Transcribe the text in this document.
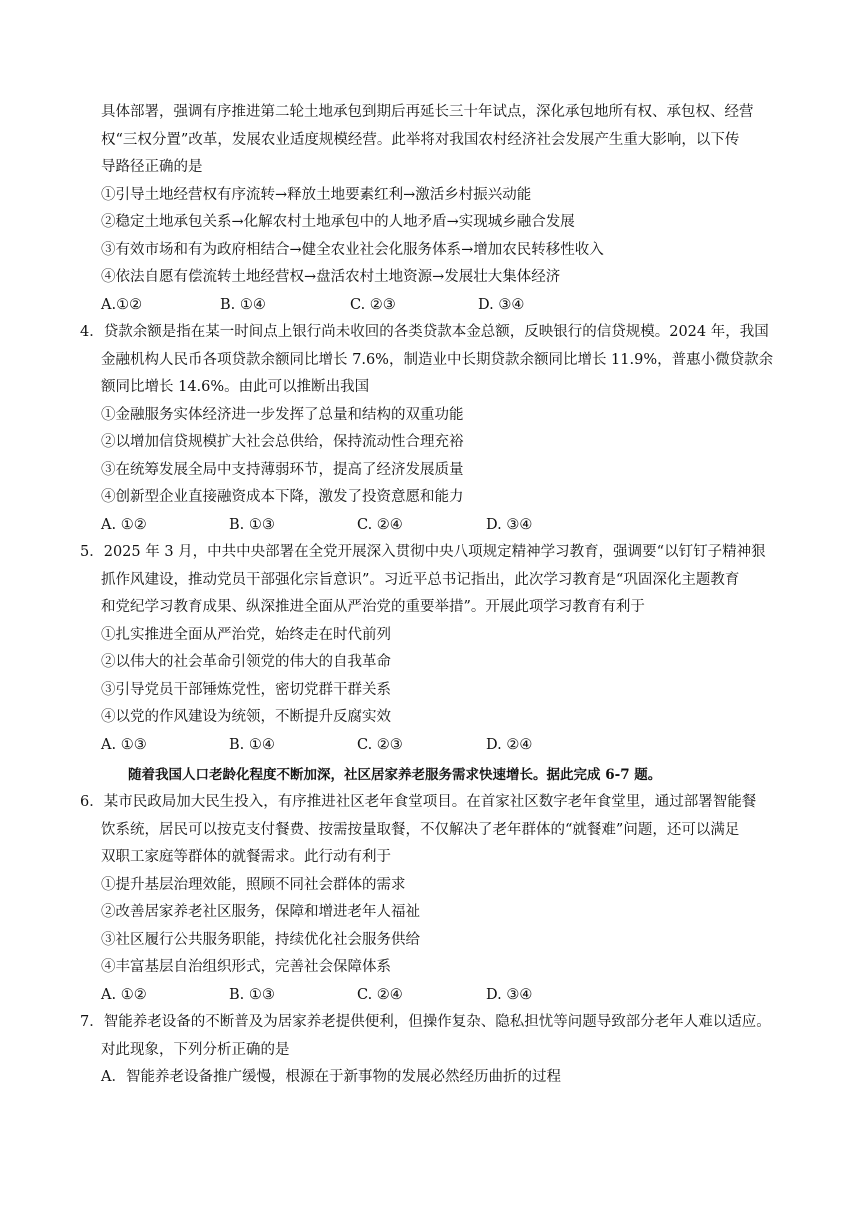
具体部署，强调有序推进第二轮土地承包到期后再延长三十年试点，深化承包地所有权、承包权、经营
权“三权分置”改革，发展农业适度规模经营。此举将对我国农村经济社会发展产生重大影响，以下传
导路径正确的是
①引导土地经营权有序流转→释放土地要素红利→激活乡村振兴动能
②稳定土地承包关系→化解农村土地承包中的人地矛盾→实现城乡融合发展
③有效市场和有为政府相结合→健全农业社会化服务体系→增加农民转移性收入
④依法自愿有偿流转土地经营权→盘活农村土地资源→发展壮大集体经济
A.①②	B. ①④	C. ②③	D. ③④
4．贷款余额是指在某一时间点上银行尚未收回的各类贷款本金总额，反映银行的信贷规模。2024 年，我国
金融机构人民币各项贷款余额同比增长 7.6%，制造业中长期贷款余额同比增长 11.9%，普惠小微贷款余
额同比增长 14.6%。由此可以推断出我国
①金融服务实体经济进一步发挥了总量和结构的双重功能
②以增加信贷规模扩大社会总供给，保持流动性合理充裕
③在统筹发展全局中支持薄弱环节，提高了经济发展质量
④创新型企业直接融资成本下降，激发了投资意愿和能力
A. ①②	B. ①③	C. ②④	D. ③④
5．2025 年 3 月，中共中央部署在全党开展深入贯彻中央八项规定精神学习教育，强调要“以钉钉子精神狠
抓作风建设，推动党员干部强化宗旨意识”。习近平总书记指出，此次学习教育是“巩固深化主题教育
和党纪学习教育成果、纵深推进全面从严治党的重要举措”。开展此项学习教育有利于
①扎实推进全面从严治党，始终走在时代前列
②以伟大的社会革命引领党的伟大的自我革命
③引导党员干部锤炼党性，密切党群干群关系
④以党的作风建设为统领，不断提升反腐实效
A. ①③	B. ①④	C. ②③	D. ②④
随着我国人口老龄化程度不断加深，社区居家养老服务需求快速增长。据此完成 6-7 题。
6．某市民政局加大民生投入，有序推进社区老年食堂项目。在首家社区数字老年食堂里，通过部署智能餐
饮系统，居民可以按克支付餐费、按需按量取餐，不仅解决了老年群体的“就餐难”问题，还可以满足
双职工家庭等群体的就餐需求。此行动有利于
①提升基层治理效能，照顾不同社会群体的需求
②改善居家养老社区服务，保障和增进老年人福祉
③社区履行公共服务职能，持续优化社会服务供给
④丰富基层自治组织形式，完善社会保障体系
A. ①②	B. ①③	C. ②④	D. ③④
7．智能养老设备的不断普及为居家养老提供便利，但操作复杂、隐私担忧等问题导致部分老年人难以适应。
对此现象，下列分析正确的是
A．智能养老设备推广缓慢，根源在于新事物的发展必然经历曲折的过程
